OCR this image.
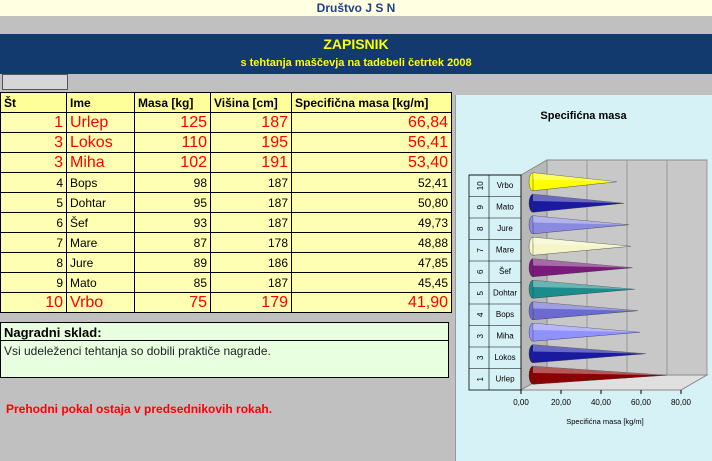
Društvo J S N
ZAPISNIK
s tehtanja maščevja na tadebeli četrtek 2008
Št	Ime	Masa [kg]	Višina [cm]	Specifična masa [kg/m]
1	Urlep	125	187	66,84
3	Lokos	110	195	56,41
3	Miha	102	191	53,40
4	Bops	98	187	52,41
5	Dohtar	95	187	50,80
6	Šef	93	187	49,73
7	Mare	87	178	48,88
8	Jure	89	186	47,85
9	Mato	85	187	45,45
10	Vrbo	75	179	41,90
Nagradni sklad:
Vsi udeleženci tehtanja so dobili praktiče nagrade.
Prehodni pokal ostaja v predsednikovih rokah.
Specifićna masa
1 Urlep
3 Lokos
3 Miha
4 Bops
5 Dohtar
6 Šef
7 Mare
8 Jure
9 Mato
10 Vrbo
0,00	20,00 40,00 60,00 80,00
Specifićna masa [kg/m]
